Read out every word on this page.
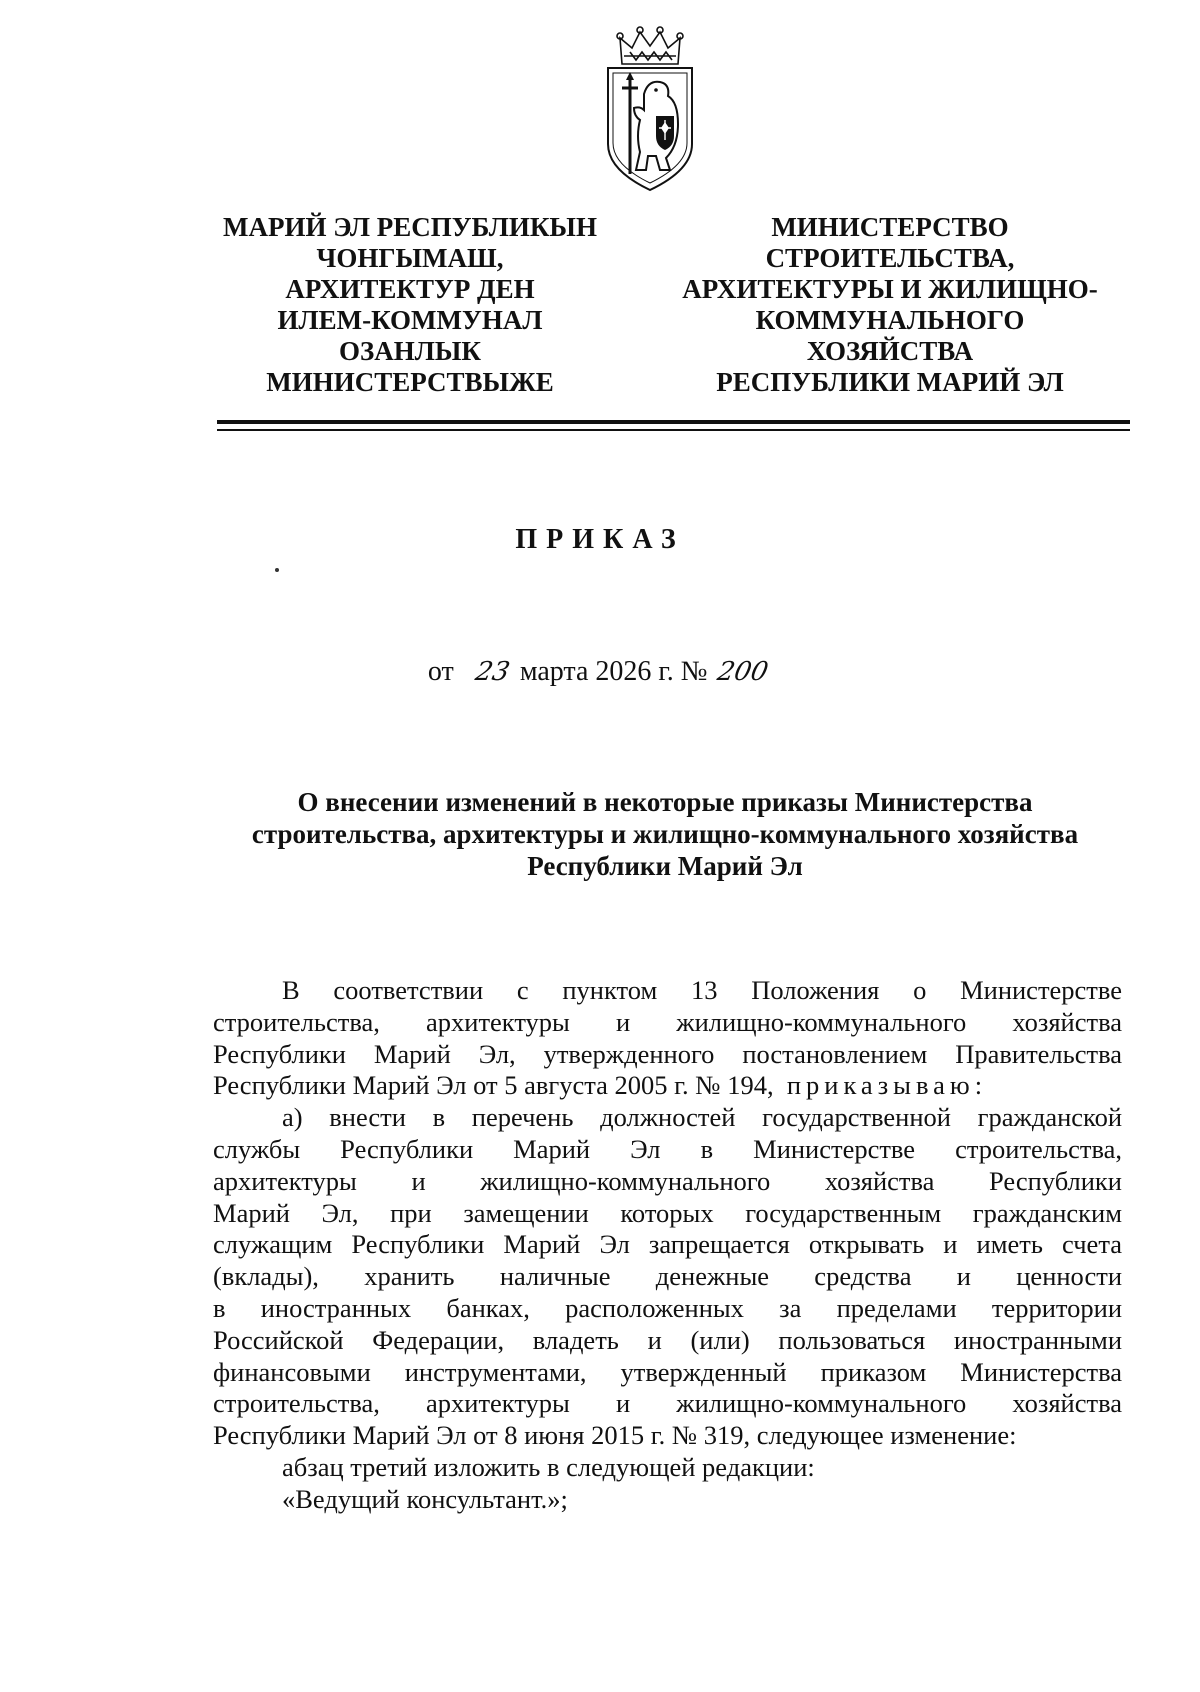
МАРИЙ ЭЛ РЕСПУБЛИКЫН
ЧОНГЫМАШ,
АРХИТЕКТУР ДЕН
ИЛЕМ-КОММУНАЛ
ОЗАНЛЫК
МИНИСТЕРСТВЫЖЕ
МИНИСТЕРСТВО
СТРОИТЕЛЬСТВА,
АРХИТЕКТУРЫ И ЖИЛИЩНО-
КОММУНАЛЬНОГО
ХОЗЯЙСТВА
РЕСПУБЛИКИ МАРИЙ ЭЛ
ПРИКАЗ
от 23 марта 2026 г. № 200
О внесении изменений в некоторые приказы Министерства
строительства, архитектуры и жилищно-коммунального хозяйства
Республики Марий Эл
В соответствии с пунктом 13 Положения о Министерстве
строительства, архитектуры и жилищно-коммунального хозяйства
Республики Марий Эл, утвержденного постановлением Правительства
Республики Марий Эл от 5 августа 2005 г. № 194, приказываю:
а) внести в перечень должностей государственной гражданской
службы Республики Марий Эл в Министерстве строительства,
архитектуры и жилищно-коммунального хозяйства Республики
Марий Эл, при замещении которых государственным гражданским
служащим Республики Марий Эл запрещается открывать и иметь счета
(вклады), хранить наличные денежные средства и ценности
в иностранных банках, расположенных за пределами территории
Российской Федерации, владеть и (или) пользоваться иностранными
финансовыми инструментами, утвержденный приказом Министерства
строительства, архитектуры и жилищно-коммунального хозяйства
Республики Марий Эл от 8 июня 2015 г. № 319, следующее изменение:
абзац третий изложить в следующей редакции:
«Ведущий консультант.»;
